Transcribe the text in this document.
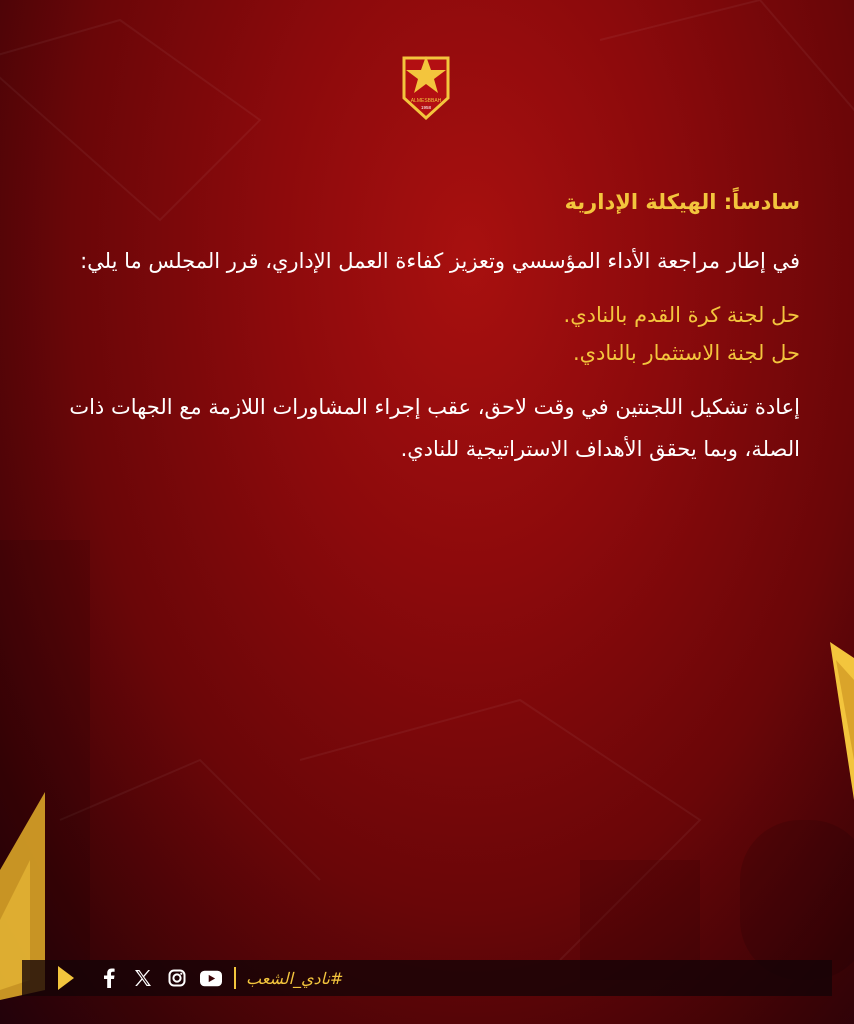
ALMESBBAH
1958
سادساً: الهيكلة الإدارية
في إطار مراجعة الأداء المؤسسي وتعزيز كفاءة العمل الإداري، قرر المجلس ما يلي:
حل لجنة كرة القدم بالنادي.
حل لجنة الاستثمار بالنادي.
إعادة تشكيل اللجنتين في وقت لاحق، عقب إجراء المشاورات اللازمة مع الجهات ذات الصلة، وبما يحقق الأهداف الاستراتيجية للنادي.
#نادي_الشعب
